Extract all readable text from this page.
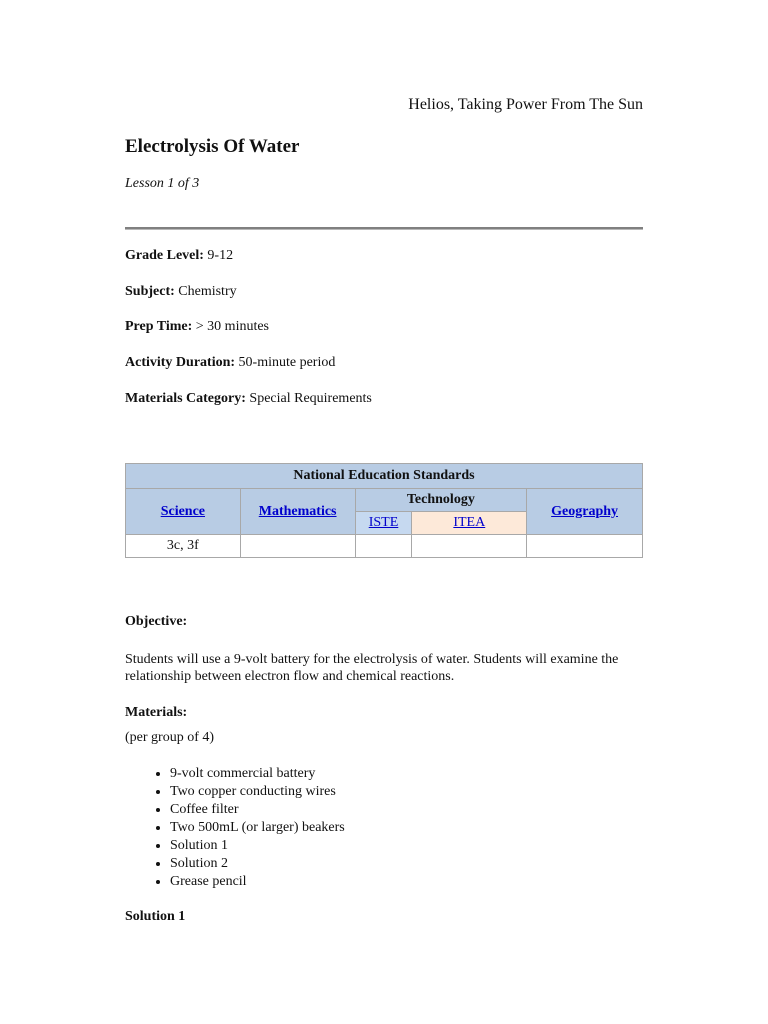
Helios, Taking Power From The Sun
Electrolysis Of Water
Lesson 1 of 3
Grade Level: 9-12
Subject: Chemistry
Prep Time: > 30 minutes
Activity Duration: 50-minute period
Materials Category: Special Requirements
National Education Standards				
Science	Mathematics	Technology		Geography
		ISTE	ITEA	
3c, 3f				
Objective:
Students will use a 9-volt battery for the electrolysis of water. Students will examine the relationship between electron flow and chemical reactions.
Materials:
(per group of 4)
• 9-volt commercial battery
• Two copper conducting wires
• Coffee filter
• Two 500mL (or larger) beakers
• Solution 1
• Solution 2
• Grease pencil
Solution 1
